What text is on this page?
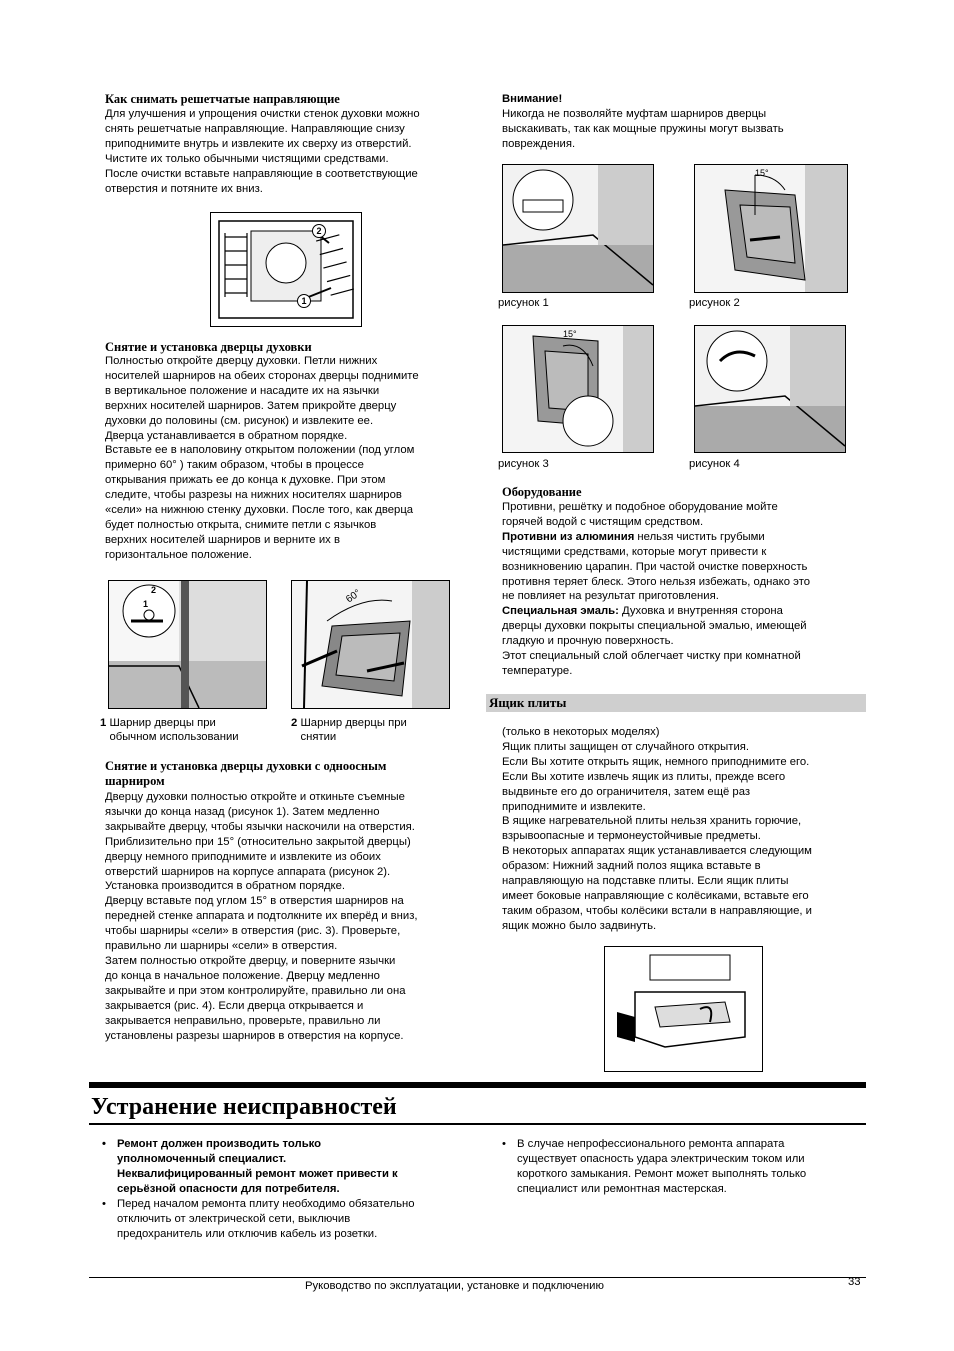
Как снимать решетчатые направляющие

Для улучшения и упрощения очистки стенок духовки можно
снять решетчатые направляющие. Направляющие снизу
приподнимите внутрь и извлеките их сверху из отверстий.
Чистите их только обычными чистящими средствами.
После очистки вставьте направляющие в соответствующие
отверстия и потяните их вниз.

2
1
Снятие и установка дверцы духовки

Полностью откройте дверцу духовки. Петли нижних
носителей шарниров на обеих сторонах дверцы поднимите
в вертикальное положение и насадите их на язычки
верхних носителей шарниров. Затем прикройте дверцу
духовки до половины (см. рисунок) и извлеките ее.
Дверца устанавливается в обратном порядке.
Вставьте ее в наполовину открытом положении (под углом
примерно 60° ) таким образом, чтобы в процессе
открывания прижать ее до конца к духовке. При этом
следите, чтобы разрезы на нижних носителях шарниров
«сели» на нижнюю стенку духовки. После того, как дверца
будет полностью открыта, снимите петли с язычков
верхних носителей шарниров и верните их в
горизонтальное положение.

2
1	60°
1 Шарнир дверцы при
обычном использовании
2 Шарнир дверцы при
снятии
Снятие и установка дверцы духовки с одноосным
шарниром

Дверцу духовки полностью откройте и откиньте съемные
язычки до конца назад (рисунок 1). Затем медленно
закрывайте дверцу, чтобы язычки наскочили на отверстия.
Приблизительно при 15° (относительно закрытой дверцы)
дверцу немного приподнимите и извлеките из обоих
отверстий шарниров на корпусе аппарата (рисунок 2).
Установка производится в обратном порядке.
Дверцу вставьте под углом 15° в отверстия шарниров на
передней стенке аппарата и подтолкните их вперёд и вниз,
чтобы шарниры «сели» в отверстия (рис. 3). Проверьте,
правильно ли шарниры «сели» в отверстия.
Затем полностью откройте дверцу, и поверните язычки
до конца в начальное положение. Дверцу медленно
закрывайте и при этом контролируйте, правильно ли она
закрывается (рис. 4). Если дверца открывается и
закрывается неправильно, проверьте, правильно ли
установлены разрезы шарниров в отверстия на корпусе.

Внимание!

Никогда не позволяйте муфтам шарниров дверцы
выскакивать, так как мощные пружины могут вызвать
повреждения.

15°
рисунок 1	рисунок 2
15°
рисунок 3	рисунок 4
Оборудование

Противни, решётку и подобное оборудование мойте
горячей водой с чистящим средством.

Противни из алюминия нельзя чистить грубыми
чистящими средствами, которые могут привести к
возникновению царапин. При частой очистке поверхность
противня теряет блеск. Этого нельзя избежать, однако это
не повлияет на результат приготовления.

Специальная эмаль: Духовка и внутренняя сторона
дверцы духовки покрыты специальной эмалью, имеющей
гладкую и прочную поверхность.
Этот специальный слой облегчает чистку при комнатной
температуре.

Ящик плиты

(только в некоторых моделях)
Ящик плиты защищен от случайного открытия.
Если Вы хотите открыть ящик, немного приподнимите его.
Если Вы хотите извлечь ящик из плиты, прежде всего
выдвиньте его до ограничителя, затем ещё раз
приподнимите и извлеките.
В ящике нагревательной плиты нельзя хранить горючие,
взрывоопасные и термонеустойчивые предметы.
В некоторых аппаратах ящик устанавливается следующим
образом: Нижний задний полоз ящика вставьте в
направляющую на подставке плиты. Если ящик плиты
имеет боковые направляющие с колёсиками, вставьте его
таким образом, чтобы колёсики встали в направляющие, и
ящик можно было задвинуть.

Устранение неисправностей
• Ремонт должен производить только
уполномоченный специалист.
Неквалифицированный ремонт может привести к
серьёзной опасности для потребителя.
• Перед началом ремонта плиту необходимо обязательно
отключить от электрической сети, выключив
предохранитель или отключив кабель из розетки.
• В случае непрофессионального ремонта аппарата
существует опасность удара электрическим током или
короткого замыкания. Ремонт может выполнять только
специалист или ремонтная мастерская.
Руководство по эксплуатации, установке и подключению	33
